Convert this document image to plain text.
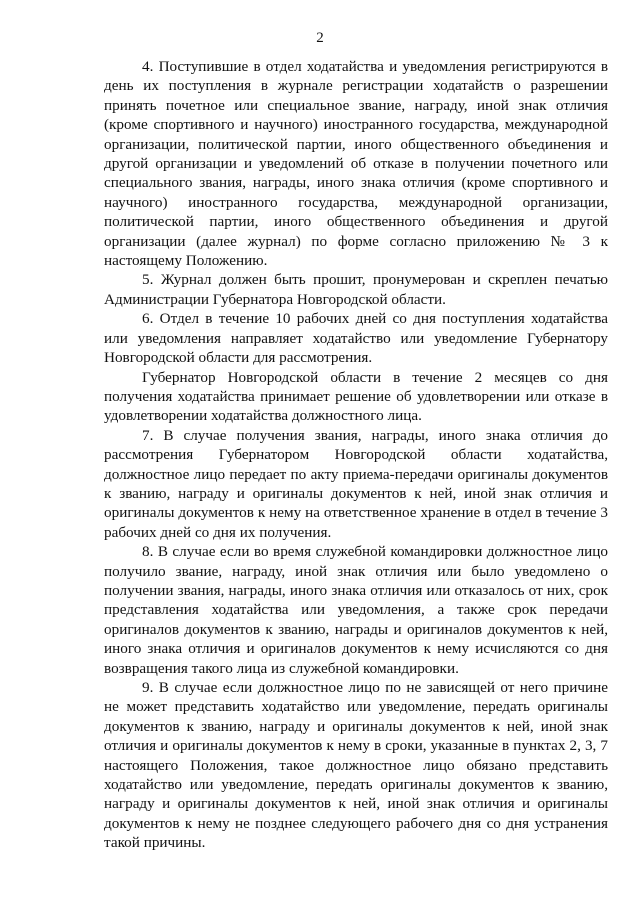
2

4. Поступившие в отдел ходатайства и уведомления регистрируются в день их поступления в журнале регистрации ходатайств о разрешении принять почетное или специальное звание, награду, иной знак отличия (кроме спортивного и научного) иностранного государства, международной организации, политической партии, иного общественного объединения и другой организации и уведомлений об отказе в получении почетного или специального звания, награды, иного знака отличия (кроме спортивного и научного) иностранного государства, международной организации, политической партии, иного общественного объединения и другой организации (далее журнал) по форме согласно приложению № 3 к настоящему Положению.

5. Журнал должен быть прошит, пронумерован и скреплен печатью Администрации Губернатора Новгородской области.

6. Отдел в течение 10 рабочих дней со дня поступления ходатайства или уведомления направляет ходатайство или уведомление Губернатору Новгородской области для рассмотрения.

Губернатор Новгородской области в течение 2 месяцев со дня получения ходатайства принимает решение об удовлетворении или отказе в удовлетворении ходатайства должностного лица.

7. В случае получения звания, награды, иного знака отличия до рассмотрения Губернатором Новгородской области ходатайства, должностное лицо передает по акту приема-передачи оригиналы документов к званию, награду и оригиналы документов к ней, иной знак отличия и оригиналы документов к нему на ответственное хранение в отдел в течение 3 рабочих дней со дня их получения.

8. В случае если во время служебной командировки должностное лицо получило звание, награду, иной знак отличия или было уведомлено о получении звания, награды, иного знака отличия или отказалось от них, срок представления ходатайства или уведомления, а также срок передачи оригиналов документов к званию, награды и оригиналов документов к ней, иного знака отличия и оригиналов документов к нему исчисляются со дня возвращения такого лица из служебной командировки.

9. В случае если должностное лицо по не зависящей от него причине не может представить ходатайство или уведомление, передать оригиналы документов к званию, награду и оригиналы документов к ней, иной знак отличия и оригиналы документов к нему в сроки, указанные в пунктах 2, 3, 7 настоящего Положения, такое должностное лицо обязано представить ходатайство или уведомление, передать оригиналы документов к званию, награду и оригиналы документов к ней, иной знак отличия и оригиналы документов к нему не позднее следующего рабочего дня со дня устранения такой причины.
